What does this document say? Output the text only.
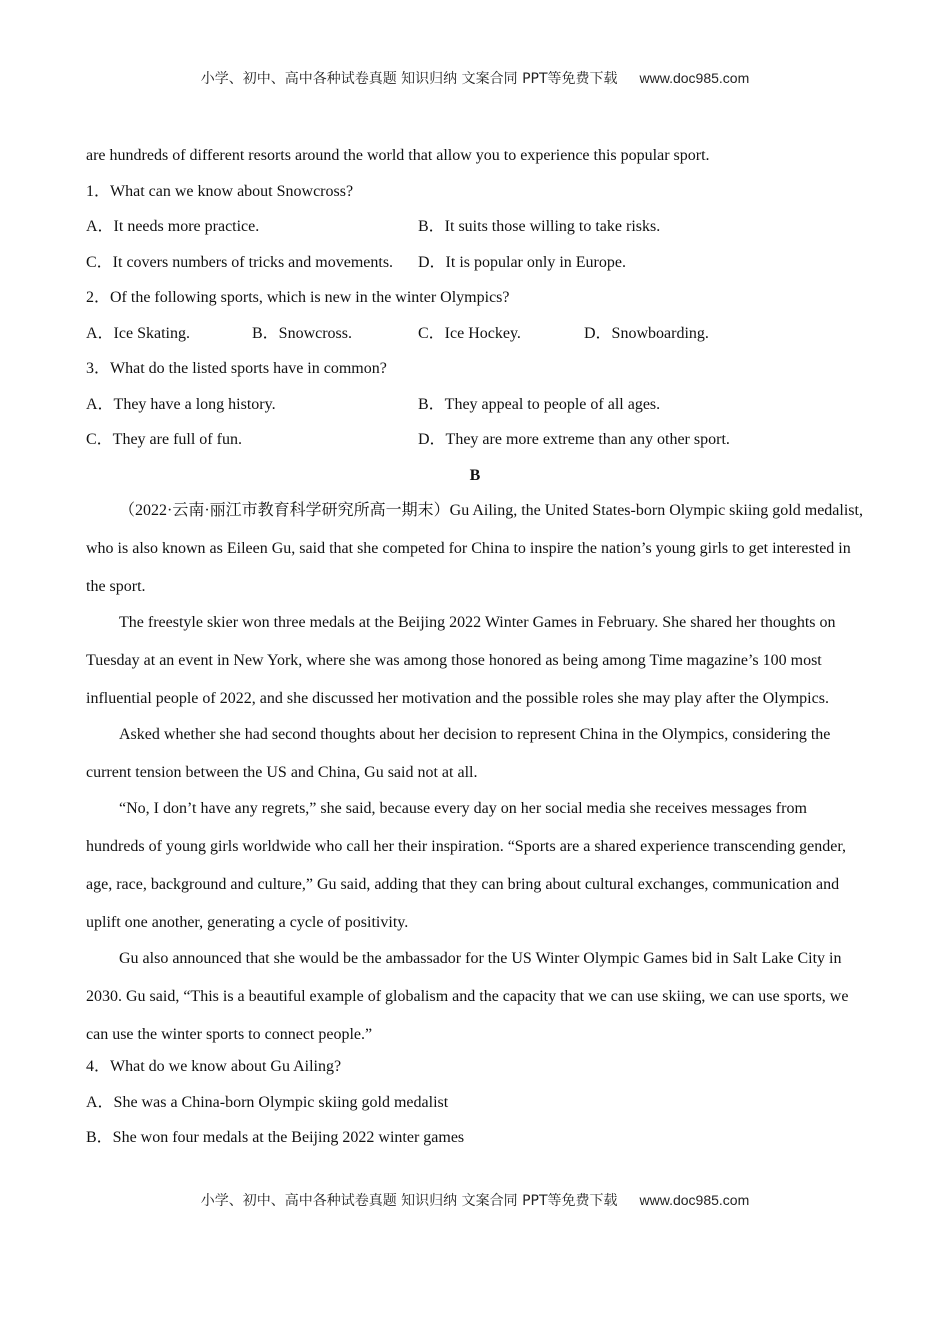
小学、初中、高中各种试卷真题 知识归纳 文案合同 PPT等免费下载 www.doc985.com
are hundreds of different resorts around the world that allow you to experience this popular sport.
1．What can we know about Snowcross?
A．It needs more practice.	B．It suits those willing to take risks.
C．It covers numbers of tricks and movements.	D．It is popular only in Europe.
2．Of the following sports, which is new in the winter Olympics?
A．Ice Skating.	B．Snowcross.	C．Ice Hockey.	D．Snowboarding.
3．What do the listed sports have in common?
A．They have a long history.	B．They appeal to people of all ages.
C．They are full of fun.	D．They are more extreme than any other sport.
B

（2022·云南·丽江市教育科学研究所高一期末）Gu Ailing, the United States-born Olympic skiing gold medalist, who is also known as Eileen Gu, said that she competed for China to inspire the nation’s young girls to get interested in the sport.

The freestyle skier won three medals at the Beijing 2022 Winter Games in February. She shared her thoughts on Tuesday at an event in New York, where she was among those honored as being among Time magazine’s 100 most influential people of 2022, and she discussed her motivation and the possible roles she may play after the Olympics.

Asked whether she had second thoughts about her decision to represent China in the Olympics, considering the current tension between the US and China, Gu said not at all.

“No, I don’t have any regrets,” she said, because every day on her social media she receives messages from hundreds of young girls worldwide who call her their inspiration. “Sports are a shared experience transcending gender, age, race, background and culture,” Gu said, adding that they can bring about cultural exchanges, communication and uplift one another, generating a cycle of positivity.

Gu also announced that she would be the ambassador for the US Winter Olympic Games bid in Salt Lake City in 2030. Gu said, “This is a beautiful example of globalism and the capacity that we can use skiing, we can use sports, we can use the winter sports to connect people.”

4．What do we know about Gu Ailing?
A．She was a China-born Olympic skiing gold medalist
B．She won four medals at the Beijing 2022 winter games
小学、初中、高中各种试卷真题 知识归纳 文案合同 PPT等免费下载 www.doc985.com
